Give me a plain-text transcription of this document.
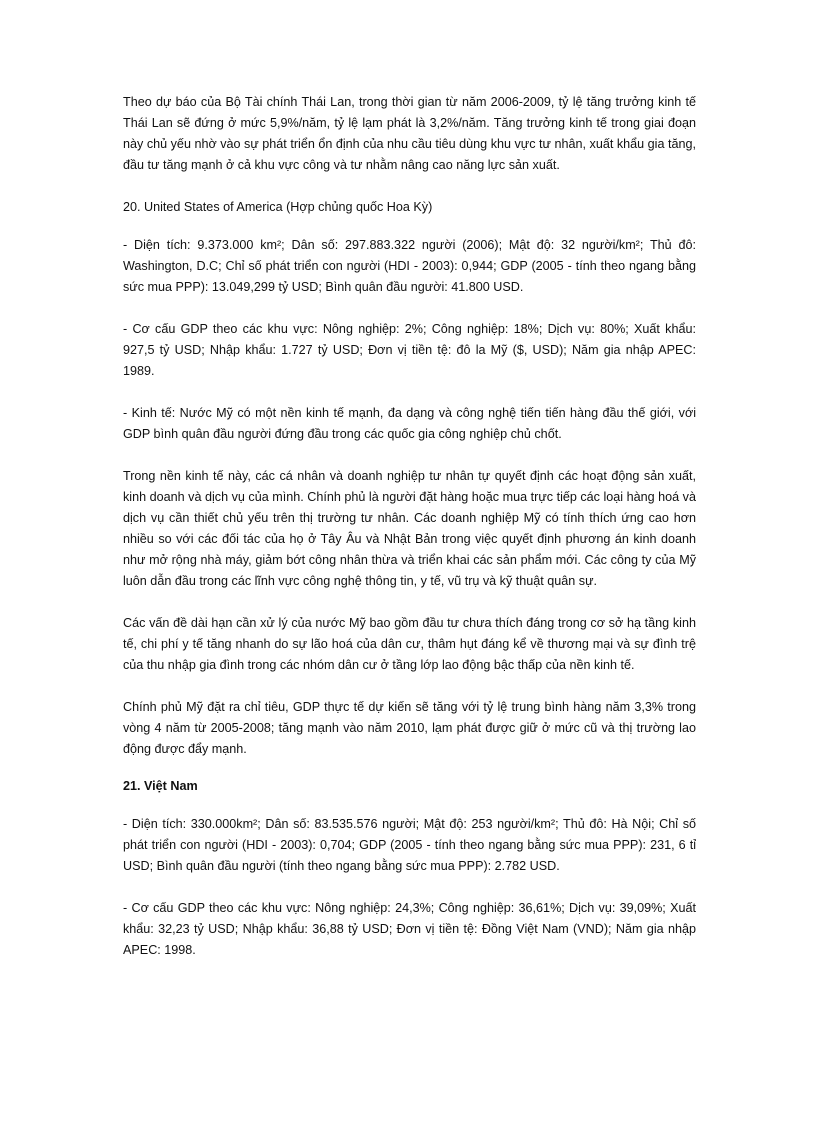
Theo dự báo của Bộ Tài chính Thái Lan, trong thời gian từ năm 2006-2009, tỷ lệ tăng trưởng kinh tế Thái Lan sẽ đứng ở mức 5,9%/năm, tỷ lệ lạm phát là 3,2%/năm. Tăng trưởng kinh tế trong giai đoạn này chủ yếu nhờ vào sự phát triển ổn định của nhu cầu tiêu dùng khu vực tư nhân, xuất khẩu gia tăng, đầu tư tăng mạnh ở cả khu vực công và tư nhằm nâng cao năng lực sản xuất.

20. United States of America (Hợp chủng quốc Hoa Kỳ)

- Diện tích: 9.373.000 km²; Dân số: 297.883.322 người (2006); Mật độ: 32 người/km²; Thủ đô: Washington, D.C; Chỉ số phát triển con người (HDI - 2003): 0,944; GDP (2005 - tính theo ngang bằng sức mua PPP): 13.049,299 tỷ USD; Bình quân đầu người: 41.800 USD.

- Cơ cấu GDP theo các khu vực: Nông nghiệp: 2%; Công nghiệp: 18%; Dịch vụ: 80%; Xuất khẩu: 927,5 tỷ USD; Nhập khẩu: 1.727 tỷ USD; Đơn vị tiền tệ: đô la Mỹ ($, USD); Năm gia nhập APEC: 1989.

- Kinh tế: Nước Mỹ có một nền kinh tế mạnh, đa dạng và công nghệ tiến tiến hàng đầu thế giới, với GDP bình quân đầu người đứng đầu trong các quốc gia công nghiệp chủ chốt.

Trong nền kinh tế này, các cá nhân và doanh nghiệp tư nhân tự quyết định các hoạt động sản xuất, kinh doanh và dịch vụ của mình. Chính phủ là người đặt hàng hoặc mua trực tiếp các loại hàng hoá và dịch vụ cần thiết chủ yếu trên thị trường tư nhân. Các doanh nghiệp Mỹ có tính thích ứng cao hơn nhiều so với các đối tác của họ ở Tây Âu và Nhật Bản trong việc quyết định phương án kinh doanh như mở rộng nhà máy, giảm bớt công nhân thừa và triển khai các sản phẩm mới. Các công ty của Mỹ luôn dẫn đầu trong các lĩnh vực công nghệ thông tin, y tế, vũ trụ và kỹ thuật quân sự.

Các vấn đề dài hạn cần xử lý của nước Mỹ bao gồm đầu tư chưa thích đáng trong cơ sở hạ tầng kinh tế, chi phí y tế tăng nhanh do sự lão hoá của dân cư, thâm hụt đáng kể về thương mại và sự đình trệ của thu nhập gia đình trong các nhóm dân cư ở tầng lớp lao động bậc thấp của nền kinh tế.

Chính phủ Mỹ đặt ra chỉ tiêu, GDP thực tế dự kiến sẽ tăng với tỷ lệ trung bình hàng năm 3,3% trong vòng 4 năm từ 2005-2008; tăng mạnh vào năm 2010, lạm phát được giữ ở mức cũ và thị trường lao động được đẩy mạnh.

21. Việt Nam

- Diện tích: 330.000km²; Dân số: 83.535.576 người; Mật độ: 253 người/km²; Thủ đô: Hà Nội; Chỉ số phát triển con người (HDI - 2003): 0,704; GDP (2005 - tính theo ngang bằng sức mua PPP): 231, 6 tỉ USD; Bình quân đầu người (tính theo ngang bằng sức mua PPP): 2.782 USD.

- Cơ cấu GDP theo các khu vực: Nông nghiệp: 24,3%; Công nghiệp: 36,61%; Dịch vụ: 39,09%; Xuất khẩu: 32,23 tỷ USD; Nhập khẩu: 36,88 tỷ USD; Đơn vị tiền tệ: Đồng Việt Nam (VND); Năm gia nhập APEC: 1998.
